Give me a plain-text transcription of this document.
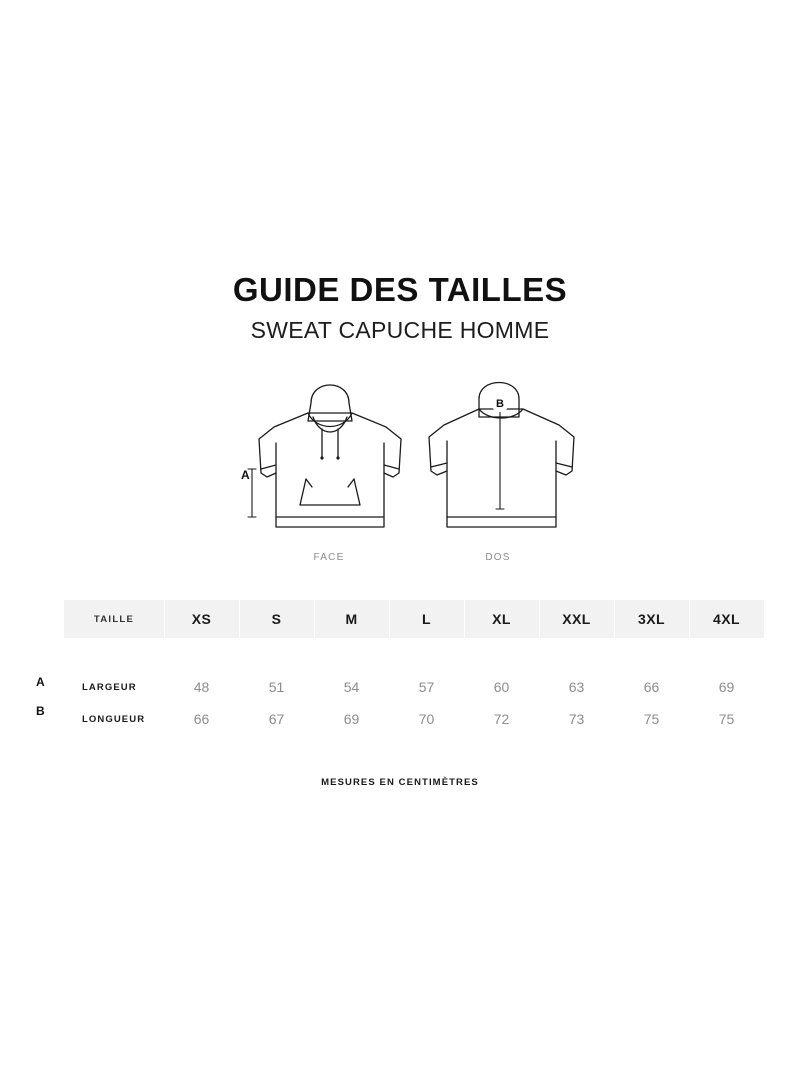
GUIDE DES TAILLES
SWEAT CAPUCHE HOMME
B
A
FACE	DOS
A
B
TAILLE	XS	S	M	L	XL	XXL	3XL	4XL

LARGEUR	48	51	54	57	60	63	66	69
LONGUEUR	66	67	69	70	72	73	75	75
MESURES EN CENTIMÈTRES
